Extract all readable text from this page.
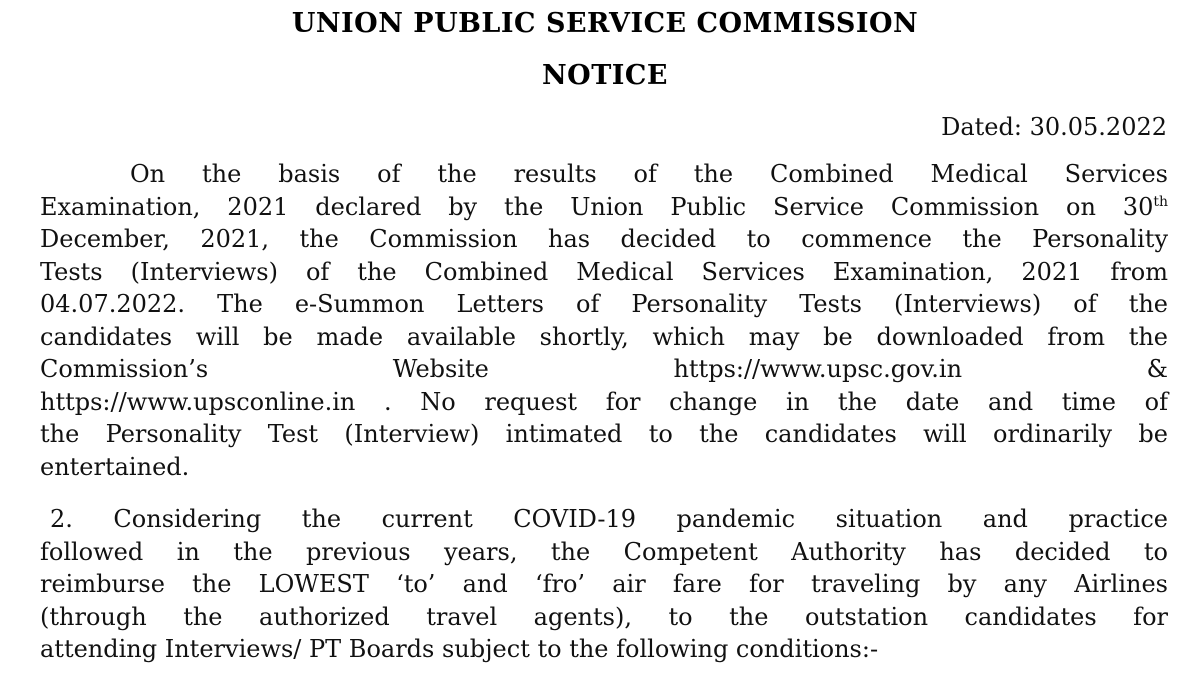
UNION PUBLIC SERVICE COMMISSION
NOTICE
Dated: 30.05.2022
On the basis of the results of the Combined Medical Services
Examination, 2021 declared by the Union Public Service Commission on 30th
December, 2021, the Commission has decided to commence the Personality
Tests (Interviews) of the Combined Medical Services Examination, 2021 from
04.07.2022. The e-Summon Letters of Personality Tests (Interviews) of the
candidates will be made available shortly, which may be downloaded from the
Commission’s Website https://www.upsc.gov.in &
https://www.upsconline.in . No request for change in the date and time of
the Personality Test (Interview) intimated to the candidates will ordinarily be
entertained.
2. Considering the current COVID-19 pandemic situation and practice
followed in the previous years, the Competent Authority has decided to
reimburse the LOWEST ‘to’ and ‘fro’ air fare for traveling by any Airlines
(through the authorized travel agents), to the outstation candidates for
attending Interviews/ PT Boards subject to the following conditions:-
